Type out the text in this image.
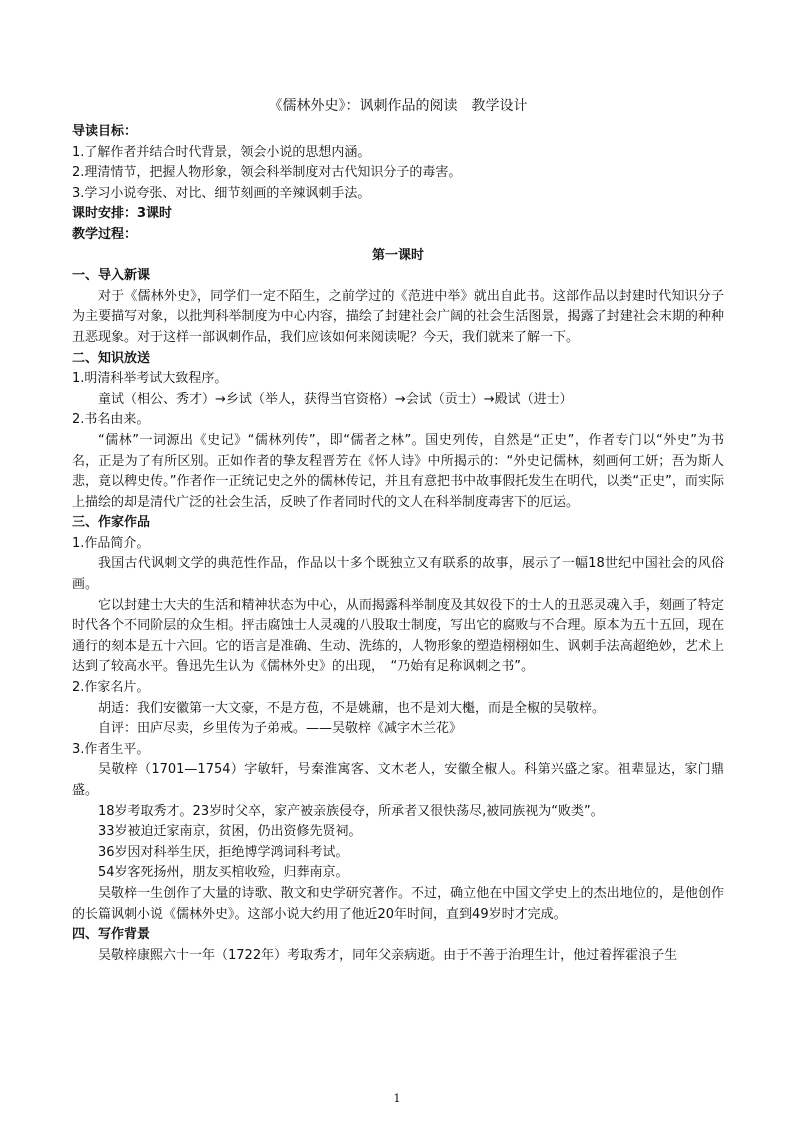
《儒林外史》：讽刺作品的阅读　教学设计

导读目标：

1.了解作者并结合时代背景，领会小说的思想内涵。

2.理清情节，把握人物形象，领会科举制度对古代知识分子的毒害。

3.学习小说夸张、对比、细节刻画的辛辣讽刺手法。

课时安排：3课时

教学过程：

第一课时

一、导入新课

对于《儒林外史》，同学们一定不陌生，之前学过的《范进中举》就出自此书。这部作品以封建时代知识分子为主要描写对象，以批判科举制度为中心内容，描绘了封建社会广阔的社会生活图景，揭露了封建社会末期的种种丑恶现象。对于这样一部讽刺作品，我们应该如何来阅读呢？今天，我们就来了解一下。

二、知识放送

1.明清科举考试大致程序。

童试（相公、秀才）→乡试（举人，获得当官资格）→会试（贡士）→殿试（进士）

2.书名由来。

“儒林”一词源出《史记》“儒林列传”，即“儒者之林”。国史列传，自然是“正史”，作者专门以“外史”为书名，正是为了有所区别。正如作者的挚友程晋芳在《怀人诗》中所揭示的：“外史记儒林，刻画何工妍；吾为斯人悲，竟以稗史传。”作者作一正统记史之外的儒林传记，并且有意把书中故事假托发生在明代，以类“正史”，而实际上描绘的却是清代广泛的社会生活，反映了作者同时代的文人在科举制度毒害下的厄运。

三、作家作品

1.作品简介。

我国古代讽刺文学的典范性作品，作品以十多个既独立又有联系的故事，展示了一幅18世纪中国社会的风俗画。

它以封建士大夫的生活和精神状态为中心，从而揭露科举制度及其奴役下的士人的丑恶灵魂入手，刻画了特定时代各个不同阶层的众生相。抨击腐蚀士人灵魂的八股取士制度，写出它的腐败与不合理。原本为五十五回，现在通行的刻本是五十六回。它的语言是准确、生动、洗练的，人物形象的塑造栩栩如生、讽刺手法高超绝妙，艺术上达到了较高水平。鲁迅先生认为《儒林外史》的出现，　“乃始有足称讽刺之书”。

2.作家名片。

胡适：我们安徽第一大文豪，不是方苞，不是姚鼐，也不是刘大櫆，而是全椒的吴敬梓。

自评：田庐尽卖，乡里传为子弟戒。——吴敬梓《减字木兰花》

3.作者生平。

吴敬梓（1701—1754）字敏轩，号秦淮寓客、文木老人，安徽全椒人。科第兴盛之家。祖辈显达，家门鼎盛。

18岁考取秀才。23岁时父卒，家产被亲族侵夺，所承者又很快荡尽,被同族视为“败类”。

33岁被迫迁家南京，贫困，仍出资修先贤祠。

36岁因对科举生厌，拒绝博学鸿词科考试。

54岁客死扬州，朋友买棺收殓，归葬南京。

吴敬梓一生创作了大量的诗歌、散文和史学研究著作。不过，确立他在中国文学史上的杰出地位的，是他创作的长篇讽刺小说《儒林外史》。这部小说大约用了他近20年时间，直到49岁时才完成。

四、写作背景

吴敬梓康熙六十一年（1722年）考取秀才，同年父亲病逝。由于不善于治理生计，他过着挥霍浪子生

1
